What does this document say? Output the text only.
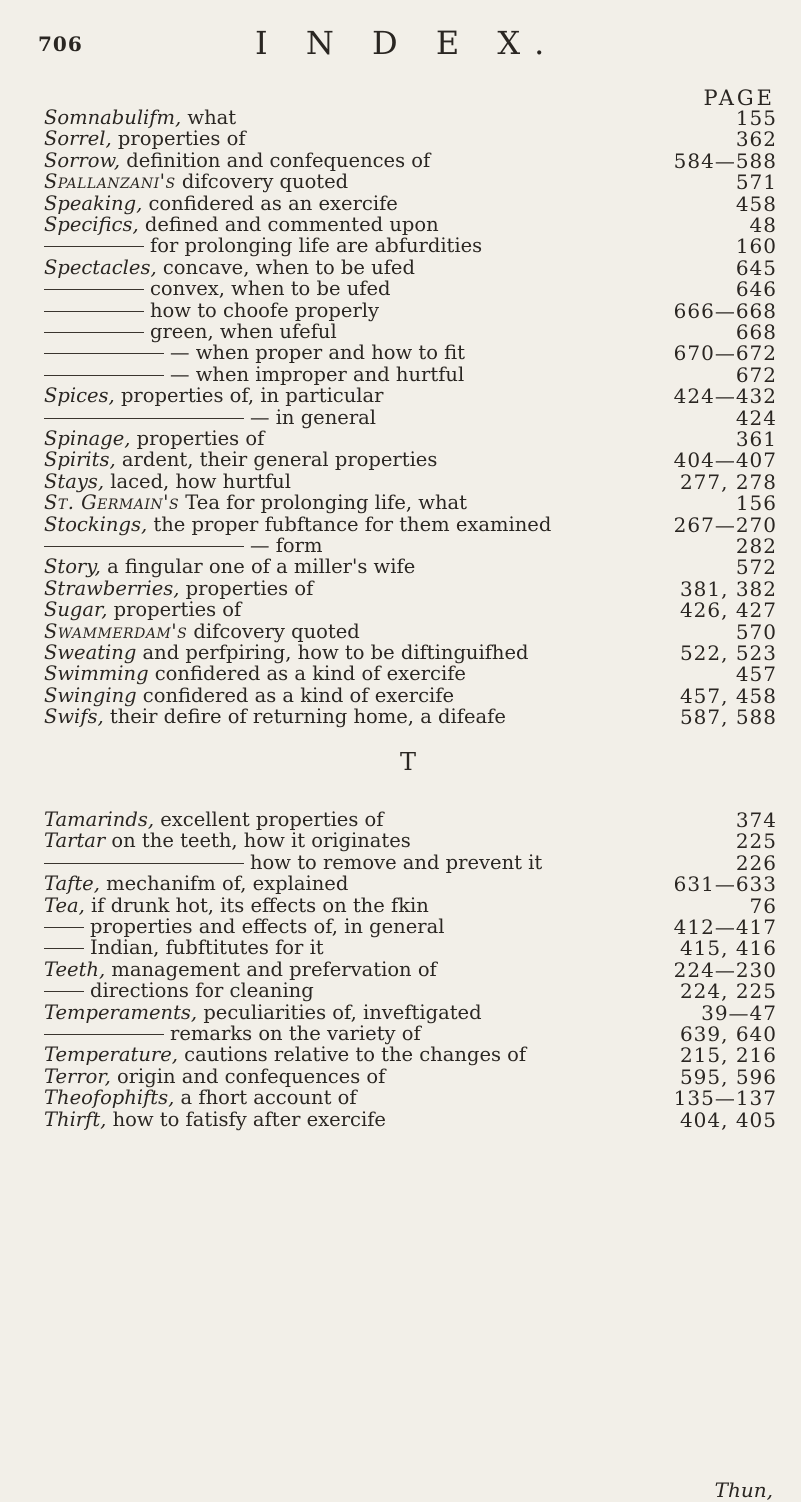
706	I N D E X.
PAGE
Somnabulifm, what	155
Sorrel, properties of	362
Sorrow, definition and confequences of	584—588
Spallanzani's difcovery quoted	571
Speaking, confidered as an exercife	458
Specifics, defined and commented upon	48
for prolonging life are abfurdities	160
Spectacles, concave, when to be ufed	645
convex, when to be ufed	646
how to choofe properly	666—668
green, when ufeful	668
— when proper and how to fit	670—672
— when improper and hurtful	672
Spices, properties of, in particular	424—432
— in general	424
Spinage, properties of	361
Spirits, ardent, their general properties	404—407
Stays, laced, how hurtful	277, 278
St. Germain's Tea for prolonging life, what	156
Stockings, the proper fubftance for them examined	267—270
— form	282
Story, a fingular one of a miller's wife	572
Strawberries, properties of	381, 382
Sugar, properties of	426, 427
Swammerdam's difcovery quoted	570
Sweating and perfpiring, how to be diftinguifhed	522, 523
Swimming confidered as a kind of exercife	457
Swinging confidered as a kind of exercife	457, 458
Swifs, their defire of returning home, a difeafe	587, 588
T
Tamarinds, excellent properties of	374
Tartar on the teeth, how it originates	225
how to remove and prevent it	226
Tafte, mechanifm of, explained	631—633
Tea, if drunk hot, its effects on the fkin	76
properties and effects of, in general	412—417
Indian, fubftitutes for it	415, 416
Teeth, management and prefervation of	224—230
directions for cleaning	224, 225
Temperaments, peculiarities of, inveftigated	39—47
remarks on the variety of	639, 640
Temperature, cautions relative to the changes of	215, 216
Terror, origin and confequences of	595, 596
Theofophifts, a fhort account of	135—137
Thirft, how to fatisfy after exercife	404, 405
Thun,
